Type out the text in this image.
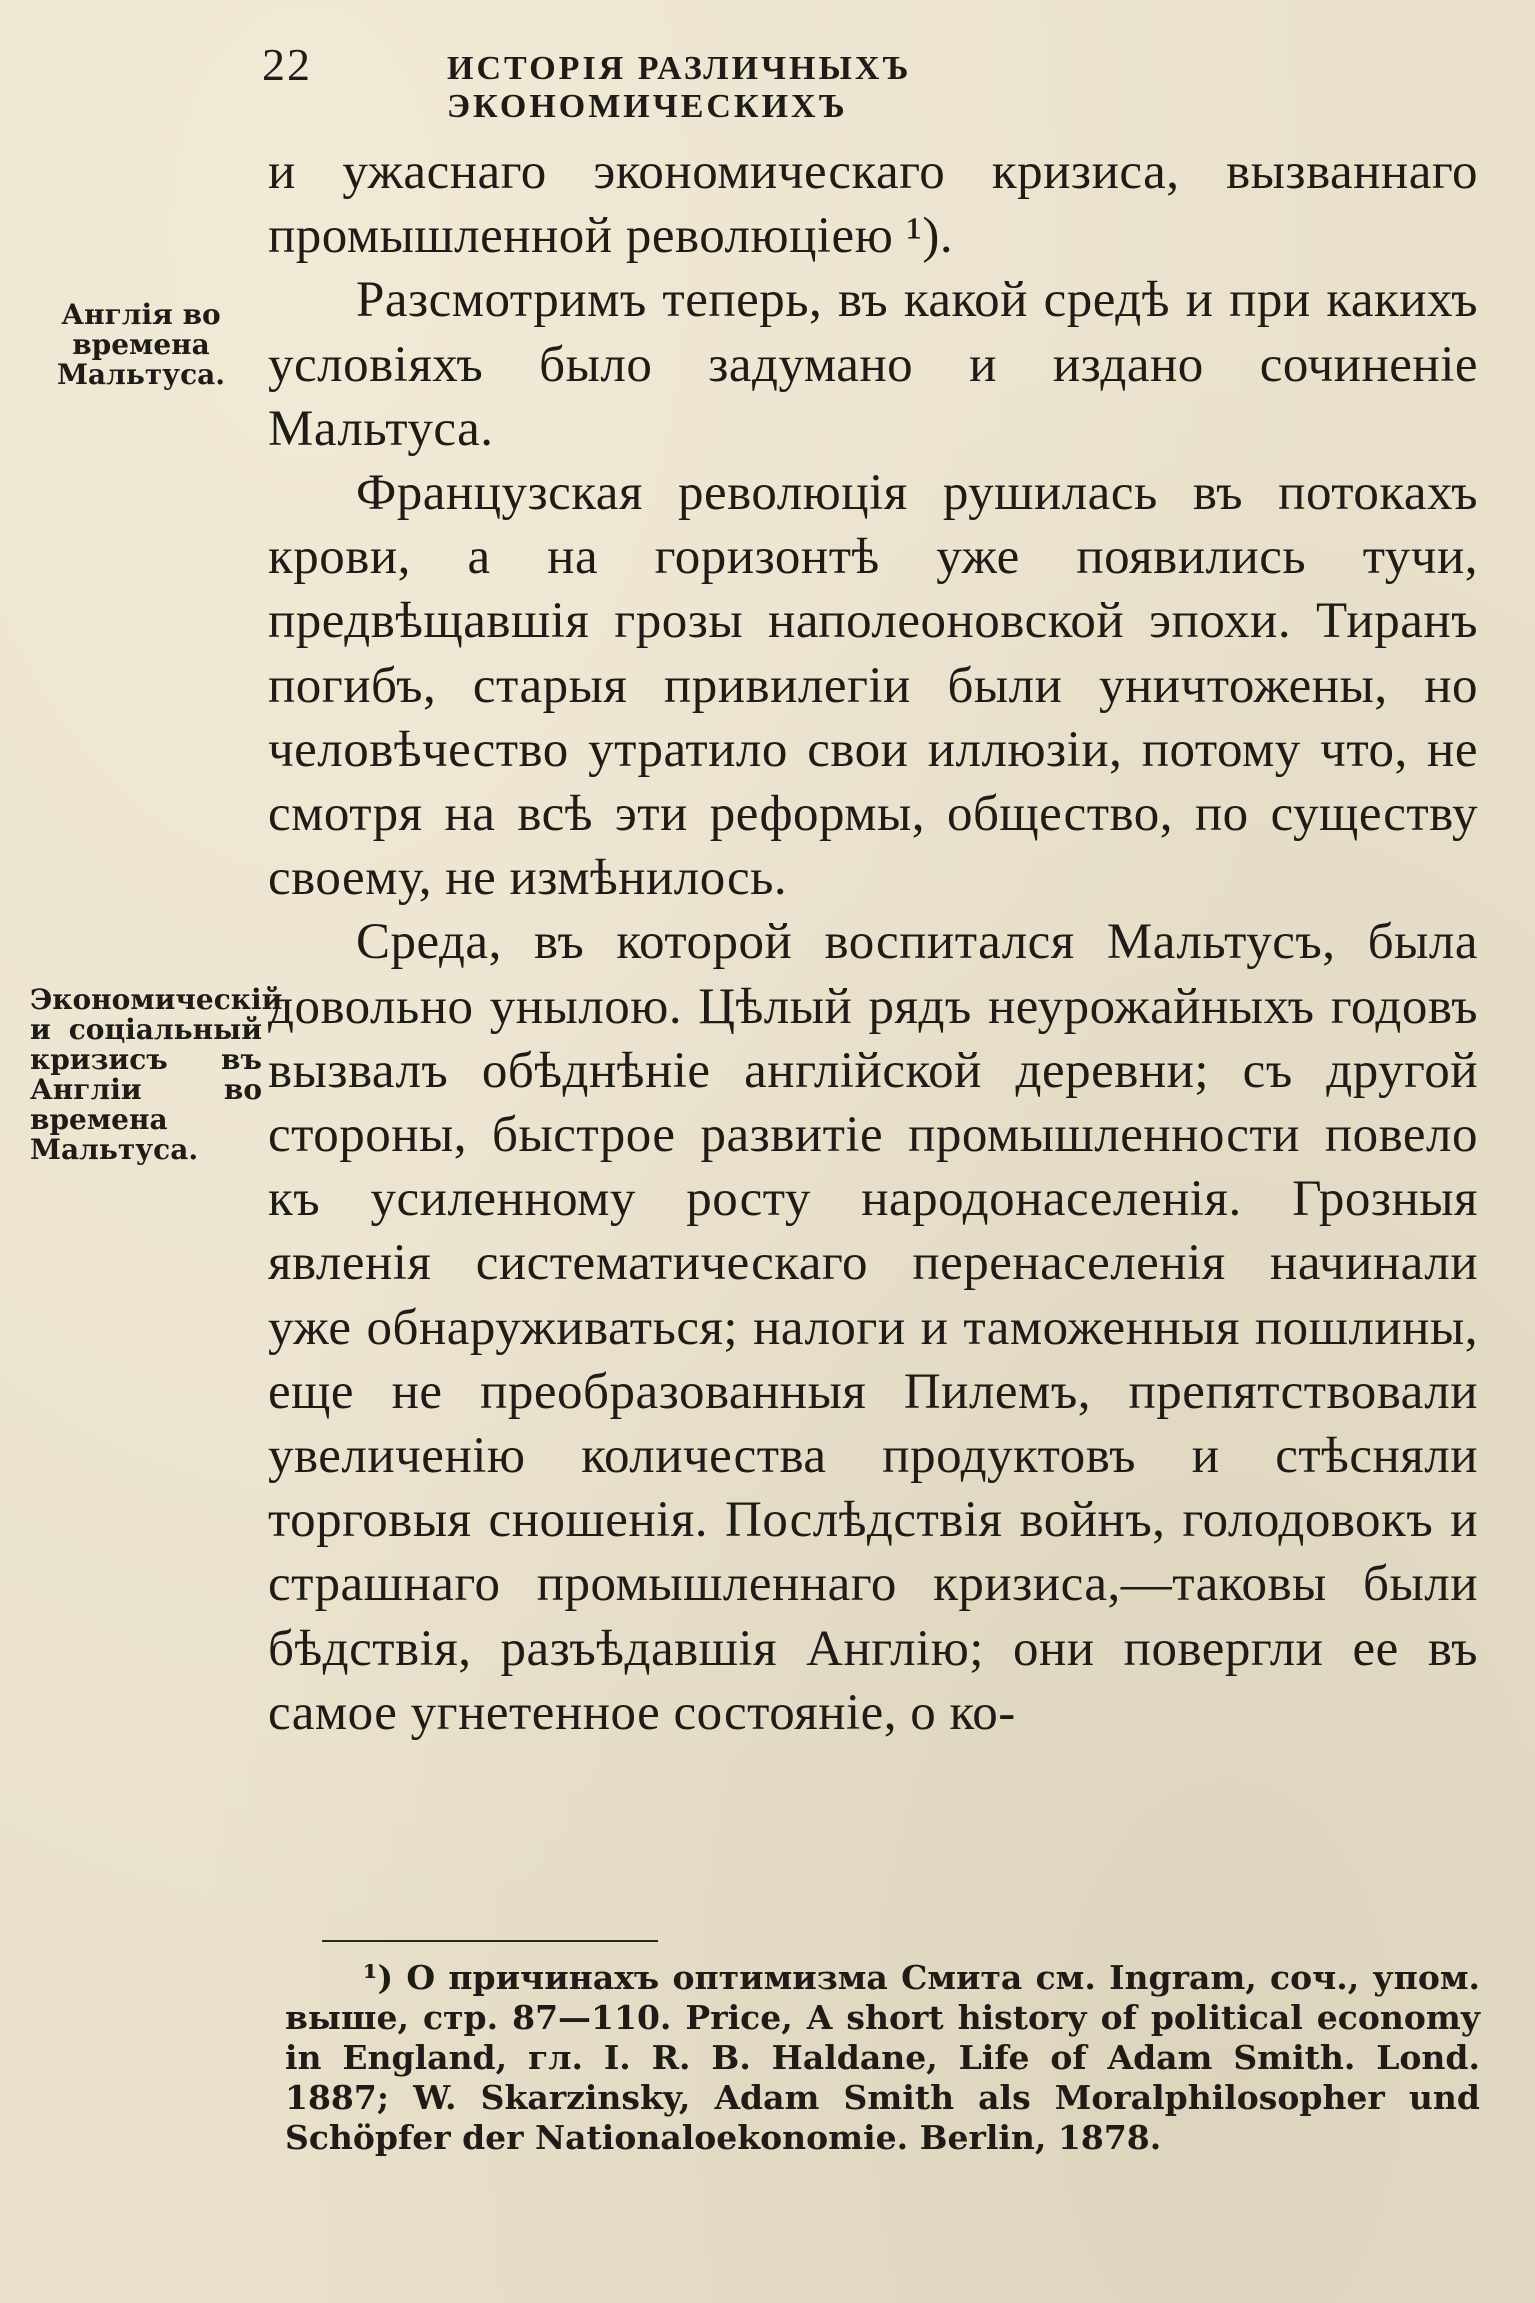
22	ИСТОРІЯ РАЗЛИЧНЫХЪ ЭКОНОМИЧЕСКИХЪ
Англія во времена Мальтуса.
Экономическій и соціальный кризисъ въ Англіи во времена Мальтуса.

и ужаснаго экономическаго кризиса, вызваннаго промышленной революціею ¹).

Разсмотримъ теперь, въ какой средѣ и при какихъ условіяхъ было задумано и издано сочиненіе Мальтуса.

Французская революція рушилась въ потокахъ крови, а на горизонтѣ уже появились тучи, предвѣщавшія грозы наполеоновской эпохи. Тиранъ погибъ, старыя привилегіи были уничтожены, но человѣчество утратило свои иллюзіи, потому что, не смотря на всѣ эти реформы, общество, по существу своему, не измѣнилось.

Среда, въ которой воспитался Мальтусъ, была довольно унылою. Цѣлый рядъ неурожайныхъ годовъ вызвалъ обѣднѣніе англійской деревни; съ другой стороны, быстрое развитіе промышленности повело къ усиленному росту народонаселенія. Грозныя явленія систематическаго перенаселенія начинали уже обнаруживаться; налоги и таможенныя пошлины, еще не преобразованныя Пилемъ, препятствовали увеличенію количества продуктовъ и стѣсняли торговыя сношенія. Послѣдствія войнъ, голодовокъ и страшнаго промышленнаго кризиса,—таковы были бѣдствія, разъѣдавшія Англію; они повергли ее въ самое угнетенное состояніе, о ко-

¹) О причинахъ оптимизма Смита см. Ingram, соч., упом. выше, стр. 87—110. Price, A short history of political economy in England, гл. I. R. B. Haldane, Life of Adam Smith. Lond. 1887; W. Skarzinsky, Adam Smith als Moralphilosopher und Schöpfer der Nationaloekonomie. Berlin, 1878.
